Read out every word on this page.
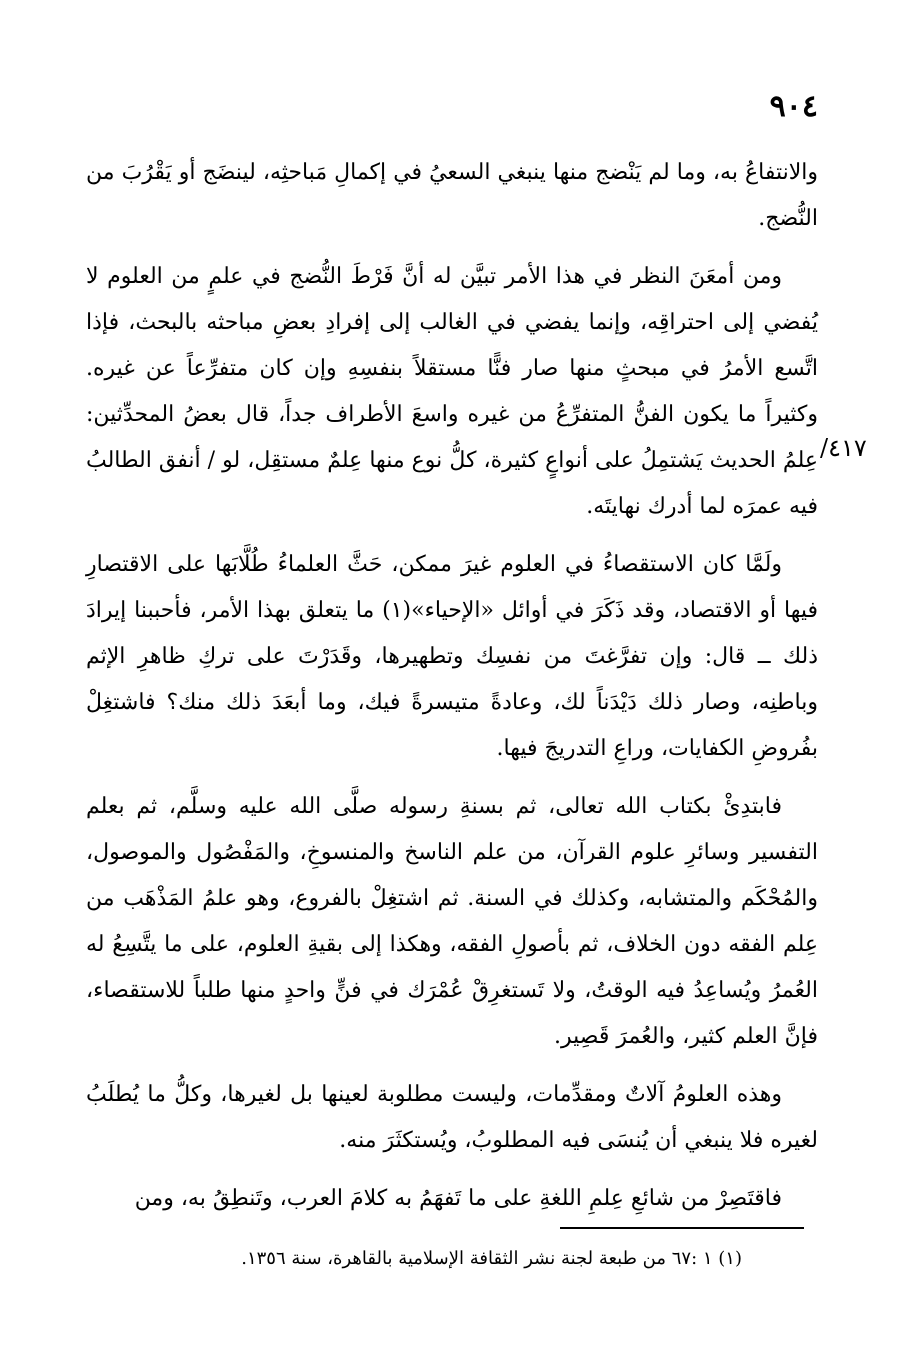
٩٠٤
٤١٧/

والانتفاعُ به، وما لم يَنْضج منها ينبغي السعيُ في إكمالِ مَباحثِه، لينضَج أو يَقْرُبَ من النُّضج.

ومن أمعَنَ النظر في هذا الأمر تبيَّن له أنَّ فَرْطَ النُّضج في علمٍ من العلوم لا يُفضي إلى احتراقِه، وإنما يفضي في الغالب إلى إفرادِ بعضِ مباحثه بالبحث، فإذا اتَّسع الأمرُ في مبحثٍ منها صار فنًّا مستقلاً بنفسِهِ وإن كان متفرِّعاً عن غيره. وكثيراً ما يكون الفنُّ المتفرِّعُ من غيره واسعَ الأطراف جداً، قال بعضُ المحدِّثين: عِلمُ الحديث يَشتمِلُ على أنواعٍ كثيرة، كلُّ نوع منها عِلمٌ مستقِل، لو / أنفق الطالبُ فيه عمرَه لما أدرك نهايتَه.

ولَمَّا كان الاستقصاءُ في العلوم غيرَ ممكن، حَثَّ العلماءُ طُلَّابَها على الاقتصارِ فيها أو الاقتصاد، وقد ذَكَرَ في أوائل «الإحياء»(١) ما يتعلق بهذا الأمر، فأحببنا إيرادَ ذلك ــ قال: وإن تفرَّغتَ من نفسِك وتطهيرها، وقَدَرْتَ على تركِ ظاهرِ الإثم وباطنِه، وصار ذلك دَيْدَناً لك، وعادةً متيسرةً فيك، وما أبعَدَ ذلك منك؟ فاشتغِلْ بفُروضِ الكفايات، وراعِ التدريجَ فيها.

فابتدِئْ بكتاب الله تعالى، ثم بسنةِ رسوله صلَّى الله عليه وسلَّم، ثم بعلم التفسير وسائرِ علوم القرآن، من علم الناسخ والمنسوخِ، والمَفْصُول والموصول، والمُحْكَم والمتشابه، وكذلك في السنة. ثم اشتغِلْ بالفروع، وهو علمُ المَذْهَب من عِلم الفقه دون الخلاف، ثم بأصولِ الفقه، وهكذا إلى بقيةِ العلوم، على ما يتَّسِعُ له العُمرُ ويُساعِدُ فيه الوقتُ، ولا تَستغرِقْ عُمْرَك في فنٍّ واحدٍ منها طلباً للاستقصاء، فإنَّ العلم كثير، والعُمرَ قَصِير.

وهذه العلومُ آلاتٌ ومقدِّمات، وليست مطلوبة لعينها بل لغيرها، وكلُّ ما يُطلَبُ لغيره فلا ينبغي أن يُنسَى فيه المطلوبُ، ويُستكثَرَ منه.

فاقتَصِرْ من شائعِ عِلمِ اللغةِ على ما تَفهَمُ به كلامَ العرب، وتَنطِقُ به، ومن

(١) ١ :٦٧ من طبعة لجنة نشر الثقافة الإسلامية بالقاهرة، سنة ١٣٥٦.
